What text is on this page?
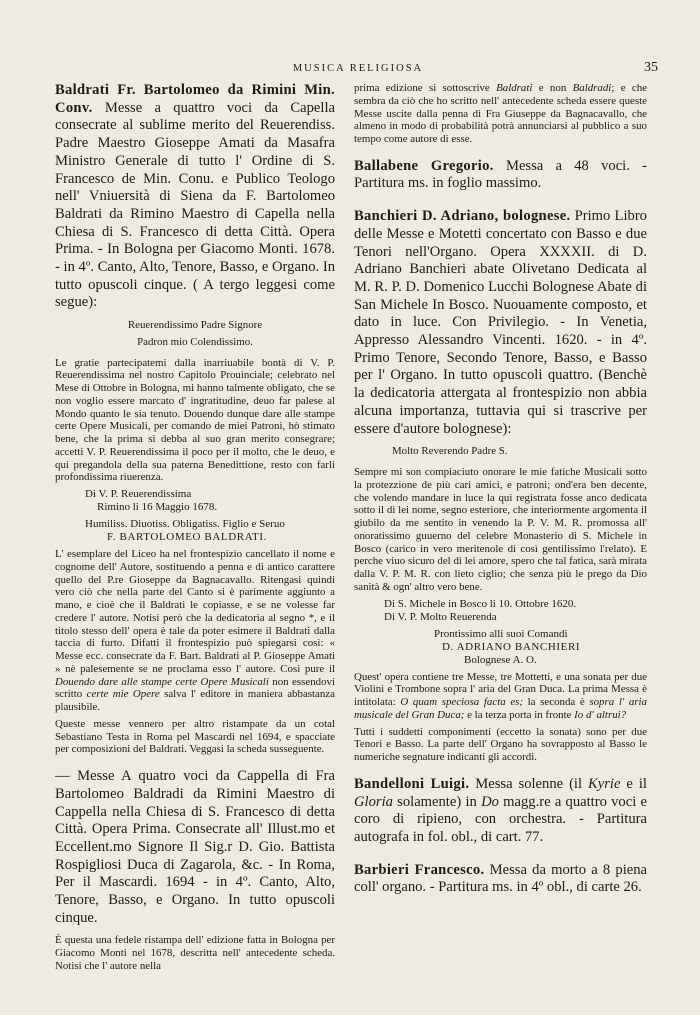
MUSICA RELIGIOSA	35

Baldrati Fr. Bartolomeo da Rimini Min. Conv. Messe a quattro voci da Capella consecrate al sublime merito del Reuerendiss. Padre Maestro Gioseppe Amati da Masafra Ministro Generale di tutto l' Ordine di S. Francesco de Min. Conu. e Publico Teologo nell' Vniuersità di Siena da F. Bartolomeo Baldrati da Rimino Maestro di Capella nella Chiesa di S. Francesco di detta Città. Opera Prima. - In Bologna per Giacomo Monti. 1678. - in 4º. Canto, Alto, Tenore, Basso, e Organo. In tutto opuscoli cinque. ( A tergo leggesi come segue):

Reuerendissimo Padre Signore
Padron mio Colendissimo.

Le gratie partecipatemi dalla inarriuabile bontà di V. P. Reuerendissima nel nostro Capitolo Prouinciale; celebrato nel Mese di Ottobre in Bologna, mi hanno talmente obligato, che se non voglio essere marcato d' ingratitudine, deuo far palese al Mondo quanto le sia tenuto. Douendo dunque dare alle stampe certe Opere Musicali, per comando de miei Patroni, hò stimato bene, che la prima si debba al suo gran merito consegrare; accetti V. P. Reuerendissima il poco per il molto, che le deuo, e qui pregandola della sua paterna Benedittione, resto con farli profondissima riuerenza.

Di V. P. Reuerendissima
Rimino li 16 Maggio 1678.
Humiliss. Diuotiss. Obligatiss. Figlio e Seruo
F. BARTOLOMEO BALDRATI.

L' esemplare del Liceo ha nel frontespizio cancellato il nome e cognome dell' Autore, sostituendo a penna e di antico carattere quello del P.re Gioseppe da Bagnacavallo. Ritengasi quindi vero ciò che nella parte del Canto si è parimente aggiunto a mano, e cioè che il Baldrati le copiasse, e se ne volesse far credere l' autore. Notisi però che la dedicatoria al segno *, e il titolo stesso dell' opera è tale da poter esimere il Baldrati dalla taccia di furto. Difatti il frontespizio può spiegarsi così: « Messe ecc. consecrate da F. Bart. Baldrati al P. Gioseppe Amati » nè palesemente se ne proclama esso l' autore. Così pure il Douendo dare alle stampe certe Opere Musicali non essendovi scritto certe mie Opere salva l' editore in maniera abbastanza plausibile.

Queste messe vennero per altro ristampate da un cotal Sebastiano Testa in Roma pel Mascardi nel 1694, e spacciate per composizioni del Baldrati. Veggasi la scheda susseguente.

— Messe A quatro voci da Cappella di Fra Bartolomeo Baldradi da Rimini Maestro di Cappella nella Chiesa di S. Francesco di detta Città. Opera Prima. Consecrate all' Illust.mo et Eccellent.mo Signore Il Sig.r D. Gio. Battista Rospigliosi Duca di Zagarola, &c. - In Roma, Per il Mascardi. 1694 - in 4º. Canto, Alto, Tenore, Basso, e Organo. In tutto opuscoli cinque.

È questa una fedele ristampa dell' edizione fatta in Bologna per Giacomo Monti nel 1678, descritta nell' antecedente scheda. Notisi che l' autore nella

prima edizione si sottoscrive Baldrati e non Baldradi; e che sembra da ciò che ho scritto nell' antecedente scheda essere queste Messe uscite dalla penna di Fra Giuseppe da Bagnacavallo, che almeno in modo di probabilità potrà annunciarsi al pubblico a suo tempo come autore di esse.

Ballabene Gregorio. Messa a 48 voci. - Partitura ms. in foglio massimo.

Banchieri D. Adriano, bolognese. Primo Libro delle Messe e Motetti concertato con Basso e due Tenori nell'Organo. Opera XXXXII. di D. Adriano Banchieri abate Olivetano Dedicata al M. R. P. D. Domenico Lucchi Bolognese Abate di San Michele In Bosco. Nuouamente composto, et dato in luce. Con Privilegio. - In Venetia, Appresso Alessandro Vincenti. 1620. - in 4º. Primo Tenore, Secondo Tenore, Basso, e Basso per l' Organo. In tutto opuscoli quattro. (Benchè la dedicatoria attergata al frontespizio non abbia alcuna importanza, tuttavia qui si trascrive per essere d'autore bolognese):

Molto Reverendo Padre S.

Sempre mi son compiaciuto onorare le mie fatiche Musicali sotto la protezzione de più cari amici, e patroni; ond'era ben decente, che volendo mandare in luce la qui registrata fosse anco dedicata sotto il dì lei nome, segno esteriore, che interiormente argomenta il giubilo da me sentito in venendo la P. V. M. R. promossa all' onoratissimo guuerno del celebre Monasterio di S. Michele in Bosco (carico in vero meritenole di così gentilissimo l'relato). E perche viuo sicuro del di lei amore, spero che tal fatica, sarà mirata dalla V. P. M. R. con lieto ciglio; che senza più le prego da Dio sanità & ogn' altro vero bene.

Di S. Michele in Bosco li 10. Ottobre 1620.
Di V. P. Molto Reuerenda
Prontissimo alli suoi Comandi
D. ADRIANO BANCHIERI
Bolognese A. O.

Quest' opera contiene tre Messe, tre Mottetti, e una sonata per due Violini e Trombone sopra l' aria del Gran Duca. La prima Messa è intitolata: O quam speciosa facta es; la seconda è sopra l' aria musicale del Gran Duca; e la terza porta in fronte Io d' altrui?

Tutti i suddetti componimenti (eccetto la sonata) sono per due Tenori e Basso. La parte dell' Organo ha sovrapposto al Basso le numeriche segnature indicanti gli accordi.

Bandelloni Luigi. Messa solenne (il Kyrie e il Gloria solamente) in Do magg.re a quattro voci e coro di ripieno, con orchestra. - Partitura autografa in fol. obl., di cart. 77.

Barbieri Francesco. Messa da morto a 8 piena coll' organo. - Partitura ms. in 4º obl., di carte 26.
